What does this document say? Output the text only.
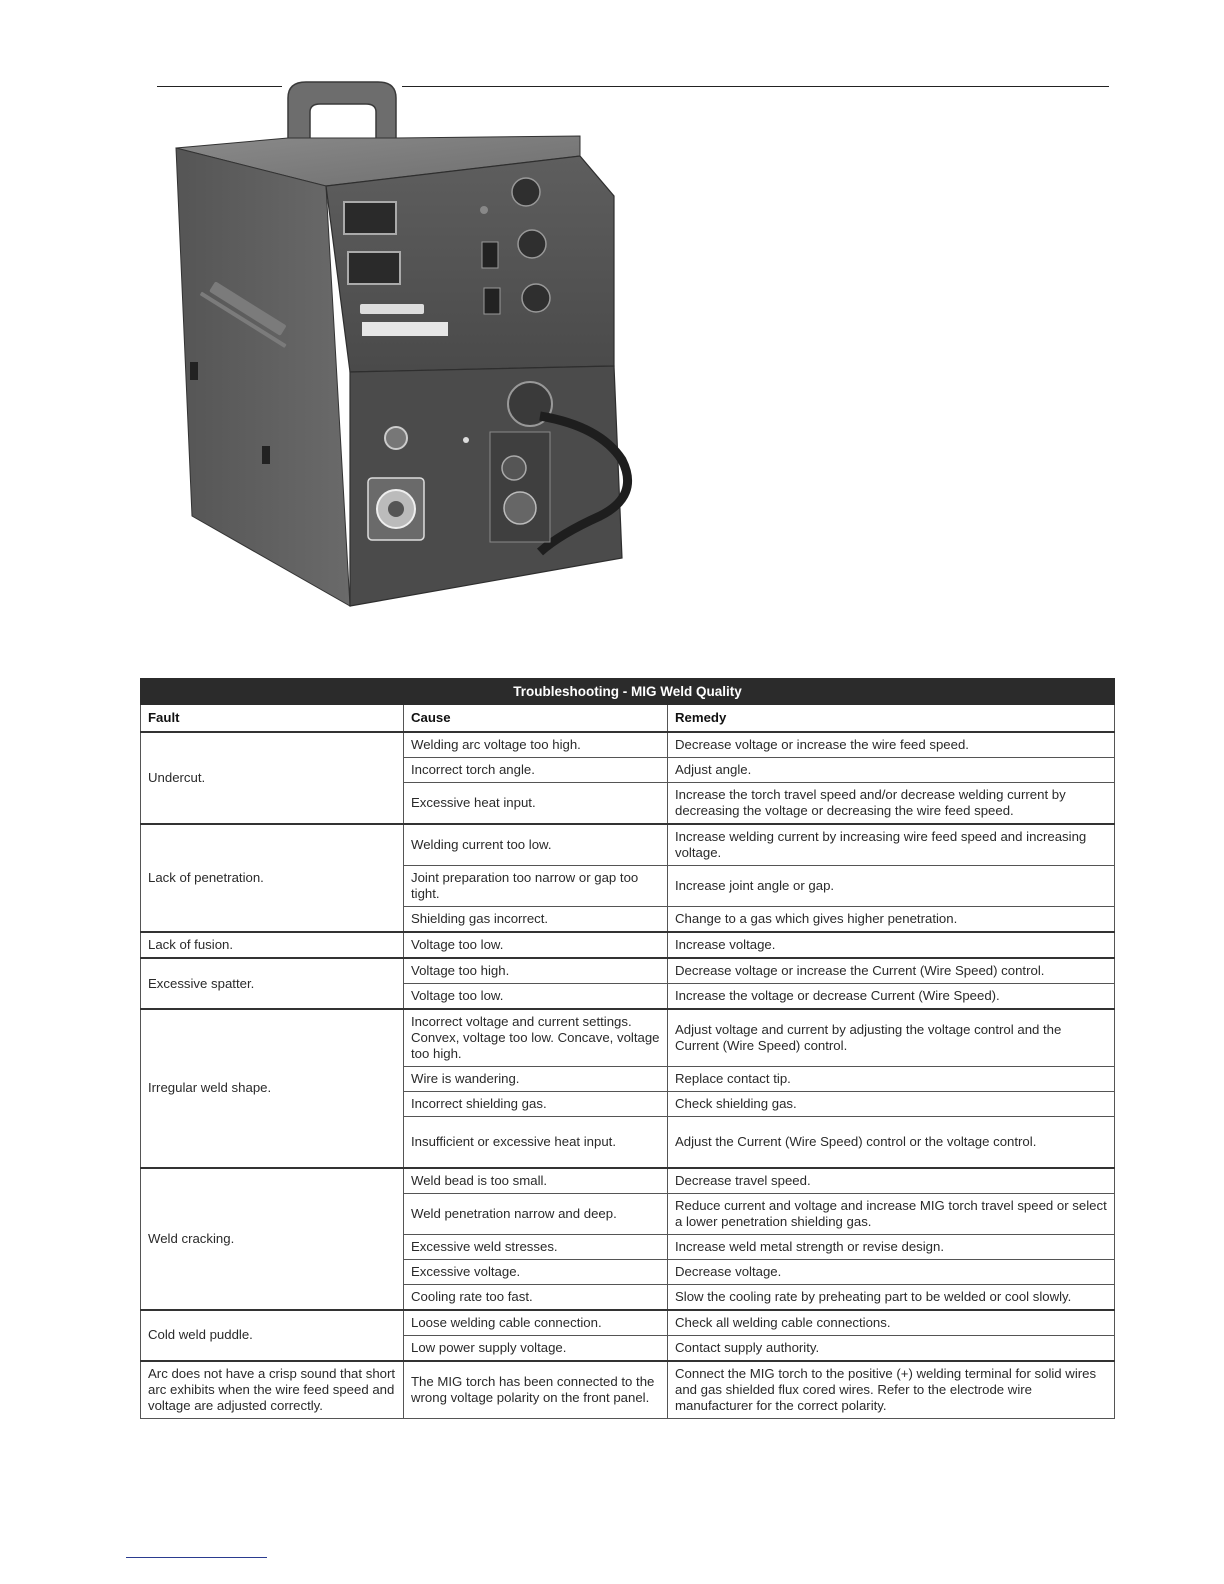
Troubleshooting - MIG Weld Quality		
Fault	Cause	Remedy
Undercut.	Welding arc voltage too high.	Decrease voltage or increase the wire feed speed.
	Incorrect torch angle.	Adjust angle.
	Excessive heat input.	Increase the torch travel speed and/or decrease welding current by decreasing the voltage or decreasing the wire feed speed.
Lack of penetration.	Welding current too low.	Increase welding current by increasing wire feed speed and increasing voltage.
	Joint preparation too narrow or gap too tight.	Increase joint angle or gap.
	Shielding gas incorrect.	Change to a gas which gives higher penetration.
Lack of fusion.	Voltage too low.	Increase voltage.
Excessive spatter.	Voltage too high.	Decrease voltage or increase the Current (Wire Speed) control.
	Voltage too low.	Increase the voltage or decrease Current (Wire Speed).
Irregular weld shape.	Incorrect voltage and current settings. Convex, voltage too low. Concave, voltage too high.	Adjust voltage and current by adjusting the voltage control and the Current (Wire Speed) control.
	Wire is wandering.	Replace contact tip.
	Incorrect shielding gas.	Check shielding gas.
	Insufficient or excessive heat input.	Adjust the Current (Wire Speed) control or the voltage control.
Weld cracking.	Weld bead is too small.	Decrease travel speed.
	Weld penetration narrow and deep.	Reduce current and voltage and increase MIG torch travel speed or select a lower penetration shielding gas.
	Excessive weld stresses.	Increase weld metal strength or revise design.
	Excessive voltage.	Decrease voltage.
	Cooling rate too fast.	Slow the cooling rate by preheating part to be welded or cool slowly.
Cold weld puddle.	Loose welding cable connection.	Check all welding cable connections.
	Low power supply voltage.	Contact supply authority.
Arc does not have a crisp sound that short arc exhibits when the wire feed speed and voltage are adjusted correctly.	The MIG torch has been connected to the wrong voltage polarity on the front panel.	Connect the MIG torch to the positive (+) welding terminal for solid wires and gas shielded flux cored wires. Refer to the electrode wire manufacturer for the correct polarity.
